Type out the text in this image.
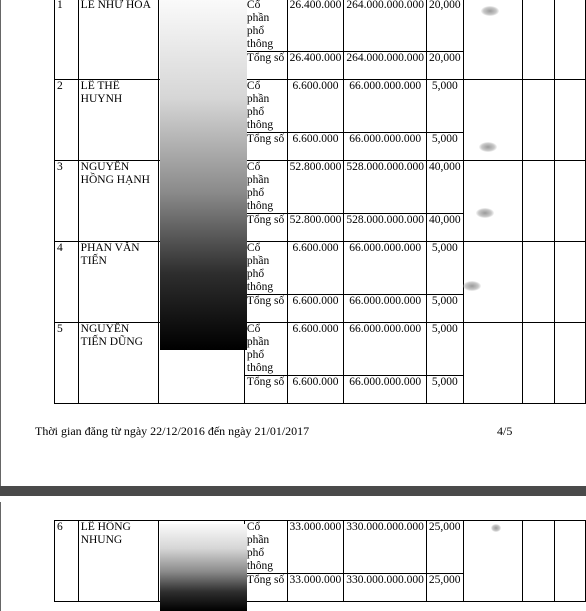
1	LÊ NHƯ HOA		Cổ phần phổ thông	26.400.000	264.000.000.000	20,000			
			Tổng số	26.400.000	264.000.000.000	20,000			
2	LÊ THẾ HUYNH		Cổ phần phổ thông	6.600.000	66.000.000.000	5,000			
			Tổng số	6.600.000	66.000.000.000	5,000			
3	NGUYỄN HỒNG HẠNH		Cổ phần phổ thông	52.800.000	528.000.000.000	40,000			
			Tổng số	52.800.000	528.000.000.000	40,000			
4	PHAN VĂN TIẾN		Cổ phần phổ thông	6.600.000	66.000.000.000	5,000			
			Tổng số	6.600.000	66.000.000.000	5,000			
5	NGUYỄN TIẾN DŨNG		Cổ phần phổ thông	6.600.000	66.000.000.000	5,000			
			Tổng số	6.600.000	66.000.000.000	5,000			
Thời gian đăng từ ngày 22/12/2016 đến ngày 21/01/2017	4/5
6	LÊ HỒNG NHUNG		Cổ phần phổ thông	33.000.000	330.000.000.000	25,000			
			Tổng số	33.000.000	330.000.000.000	25,000			
